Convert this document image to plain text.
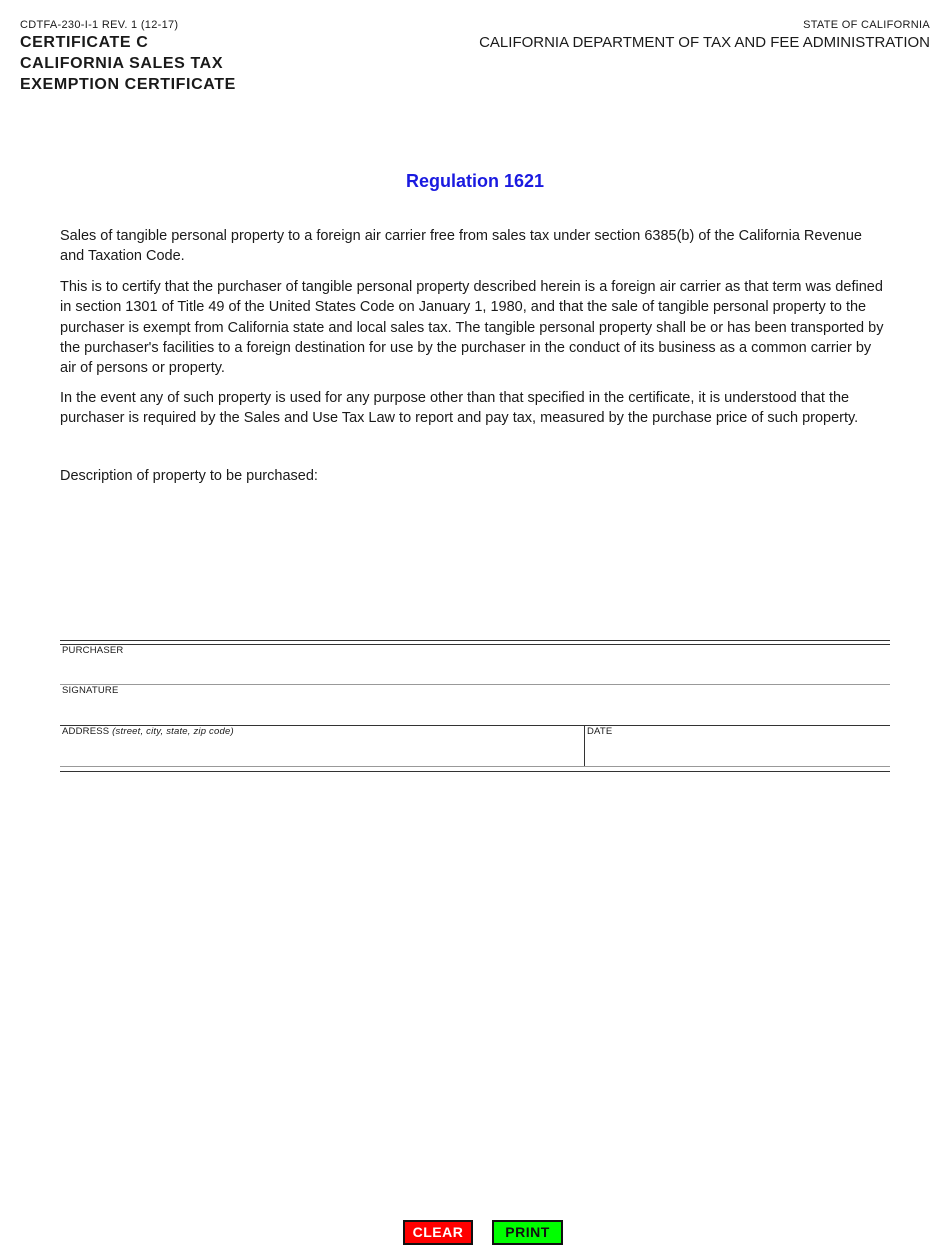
CDTFA-230-I-1 REV. 1 (12-17)
CERTIFICATE C
CALIFORNIA SALES TAX
EXEMPTION CERTIFICATE
STATE OF CALIFORNIA
CALIFORNIA DEPARTMENT OF TAX AND FEE ADMINISTRATION
Regulation 1621

Sales of tangible personal property to a foreign air carrier free from sales tax under section 6385(b) of the California Revenue and Taxation Code.

This is to certify that the purchaser of tangible personal property described herein is a foreign air carrier as that term was defined in section 1301 of Title 49 of the United States Code on January 1, 1980, and that the sale of tangible personal property to the purchaser is exempt from California state and local sales tax. The tangible personal property shall be or has been transported by the purchaser's facilities to a foreign destination for use by the purchaser in the conduct of its business as a common carrier by air of persons or property.

In the event any of such property is used for any purpose other than that specified in the certificate, it is understood that the purchaser is required by the Sales and Use Tax Law to report and pay tax, measured by the purchase price of such property.

Description of property to be purchased:

PURCHASER
SIGNATURE
ADDRESS (street, city, state, zip code)	DATE
CLEAR	PRINT
